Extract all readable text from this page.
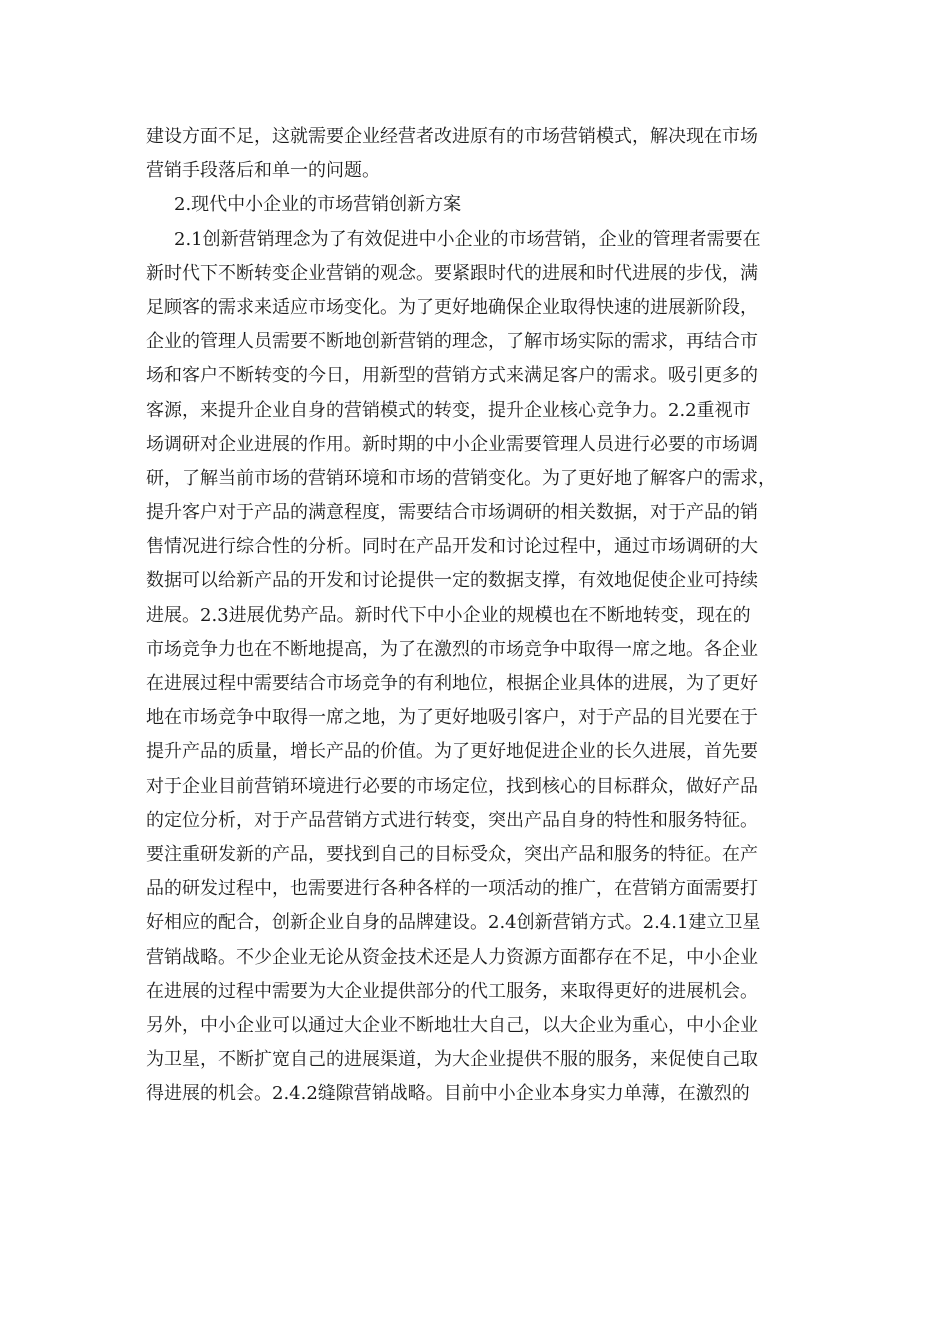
建设方面不足，这就需要企业经营者改进原有的市场营销模式，解决现在市场
营销手段落后和单一的问题。
2.现代中小企业的市场营销创新方案
2.1创新营销理念为了有效促进中小企业的市场营销，企业的管理者需要在
新时代下不断转变企业营销的观念。要紧跟时代的进展和时代进展的步伐，满
足顾客的需求来适应市场变化。为了更好地确保企业取得快速的进展新阶段，
企业的管理人员需要不断地创新营销的理念，了解市场实际的需求，再结合市
场和客户不断转变的今日，用新型的营销方式来满足客户的需求。吸引更多的
客源，来提升企业自身的营销模式的转变，提升企业核心竞争力。2.2重视市
场调研对企业进展的作用。新时期的中小企业需要管理人员进行必要的市场调
研，了解当前市场的营销环境和市场的营销变化。为了更好地了解客户的需求，
提升客户对于产品的满意程度，需要结合市场调研的相关数据，对于产品的销
售情况进行综合性的分析。同时在产品开发和讨论过程中，通过市场调研的大
数据可以给新产品的开发和讨论提供一定的数据支撑，有效地促使企业可持续
进展。2.3进展优势产品。新时代下中小企业的规模也在不断地转变，现在的
市场竞争力也在不断地提高，为了在激烈的市场竞争中取得一席之地。各企业
在进展过程中需要结合市场竞争的有利地位，根据企业具体的进展，为了更好
地在市场竞争中取得一席之地，为了更好地吸引客户，对于产品的目光要在于
提升产品的质量，增长产品的价值。为了更好地促进企业的长久进展，首先要
对于企业目前营销环境进行必要的市场定位，找到核心的目标群众，做好产品
的定位分析，对于产品营销方式进行转变，突出产品自身的特性和服务特征。
要注重研发新的产品，要找到自己的目标受众，突出产品和服务的特征。在产
品的研发过程中，也需要进行各种各样的一项活动的推广，在营销方面需要打
好相应的配合，创新企业自身的品牌建设。2.4创新营销方式。2.4.1建立卫星
营销战略。不少企业无论从资金技术还是人力资源方面都存在不足，中小企业
在进展的过程中需要为大企业提供部分的代工服务，来取得更好的进展机会。
另外，中小企业可以通过大企业不断地壮大自己，以大企业为重心，中小企业
为卫星，不断扩宽自己的进展渠道，为大企业提供不服的服务，来促使自己取
得进展的机会。2.4.2缝隙营销战略。目前中小企业本身实力单薄，在激烈的
